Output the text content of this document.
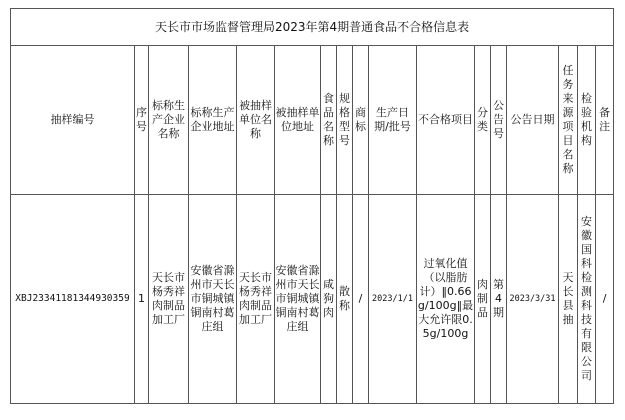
天长市市场监督管理局2023年第4期普通食品不合格信息表																
抽样编号	序号	标称生产企业名称	标称生产企业地址	被抽样单位名称	被抽样单位地址	食品名称	规格型号	商标	生产日期/批号	不合格项目	分类	公告号	公告日期	任务来源项目名称	检验机构	备注
XBJ23341181344930359	1	天长市杨秀祥肉制品加工厂	安徽省滁州市天长市铜城镇铜南村葛庄组	天长市杨秀祥肉制品加工厂	安徽省滁州市天长市铜城镇铜南村葛庄组	咸狗肉	散称	/	2023/1/1	过氧化值（以脂肪计）‖0.66g/100g‖最大允许限0.5g/100g	肉制品	第4期	2023/3/31	天长县抽	安徽国科检测科技有限公司	/
